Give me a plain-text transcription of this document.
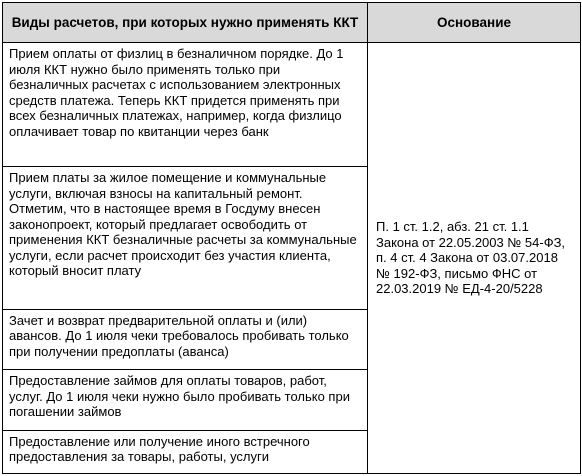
Виды расчетов, при которых нужно применять ККТ	Основание
Прием оплаты от физлиц в безналичном порядке. До 1 июля ККТ нужно было применять только при безналичных расчетах с использованием электронных средств платежа. Теперь ККТ придется применять при всех безналичных платежах, например, когда физлицо оплачивает товар по квитанции через банк	П. 1 ст. 1.2, абз. 21 ст. 1.1 Закона от 22.05.2003 № 54-ФЗ, п. 4 ст. 4 Закона от 03.07.2018 № 192-ФЗ, письмо ФНС от 22.03.2019 № ЕД-4-20/5228
Прием платы за жилое помещение и коммунальные услуги, включая взносы на капитальный ремонт. Отметим, что в настоящее время в Госдуму внесен законопроект, который предлагает освободить от применения ККТ безналичные расчеты за коммунальные услуги, если расчет происходит без участия клиента, который вносит плату	
Зачет и возврат предварительной оплаты и (или) авансов. До 1 июля чеки требовалось пробивать только при получении предоплаты (аванса)	
Предоставление займов для оплаты товаров, работ, услуг. До 1 июля чеки нужно было пробивать только при погашении займов	
Предоставление или получение иного встречного предоставления за товары, работы, услуги	
